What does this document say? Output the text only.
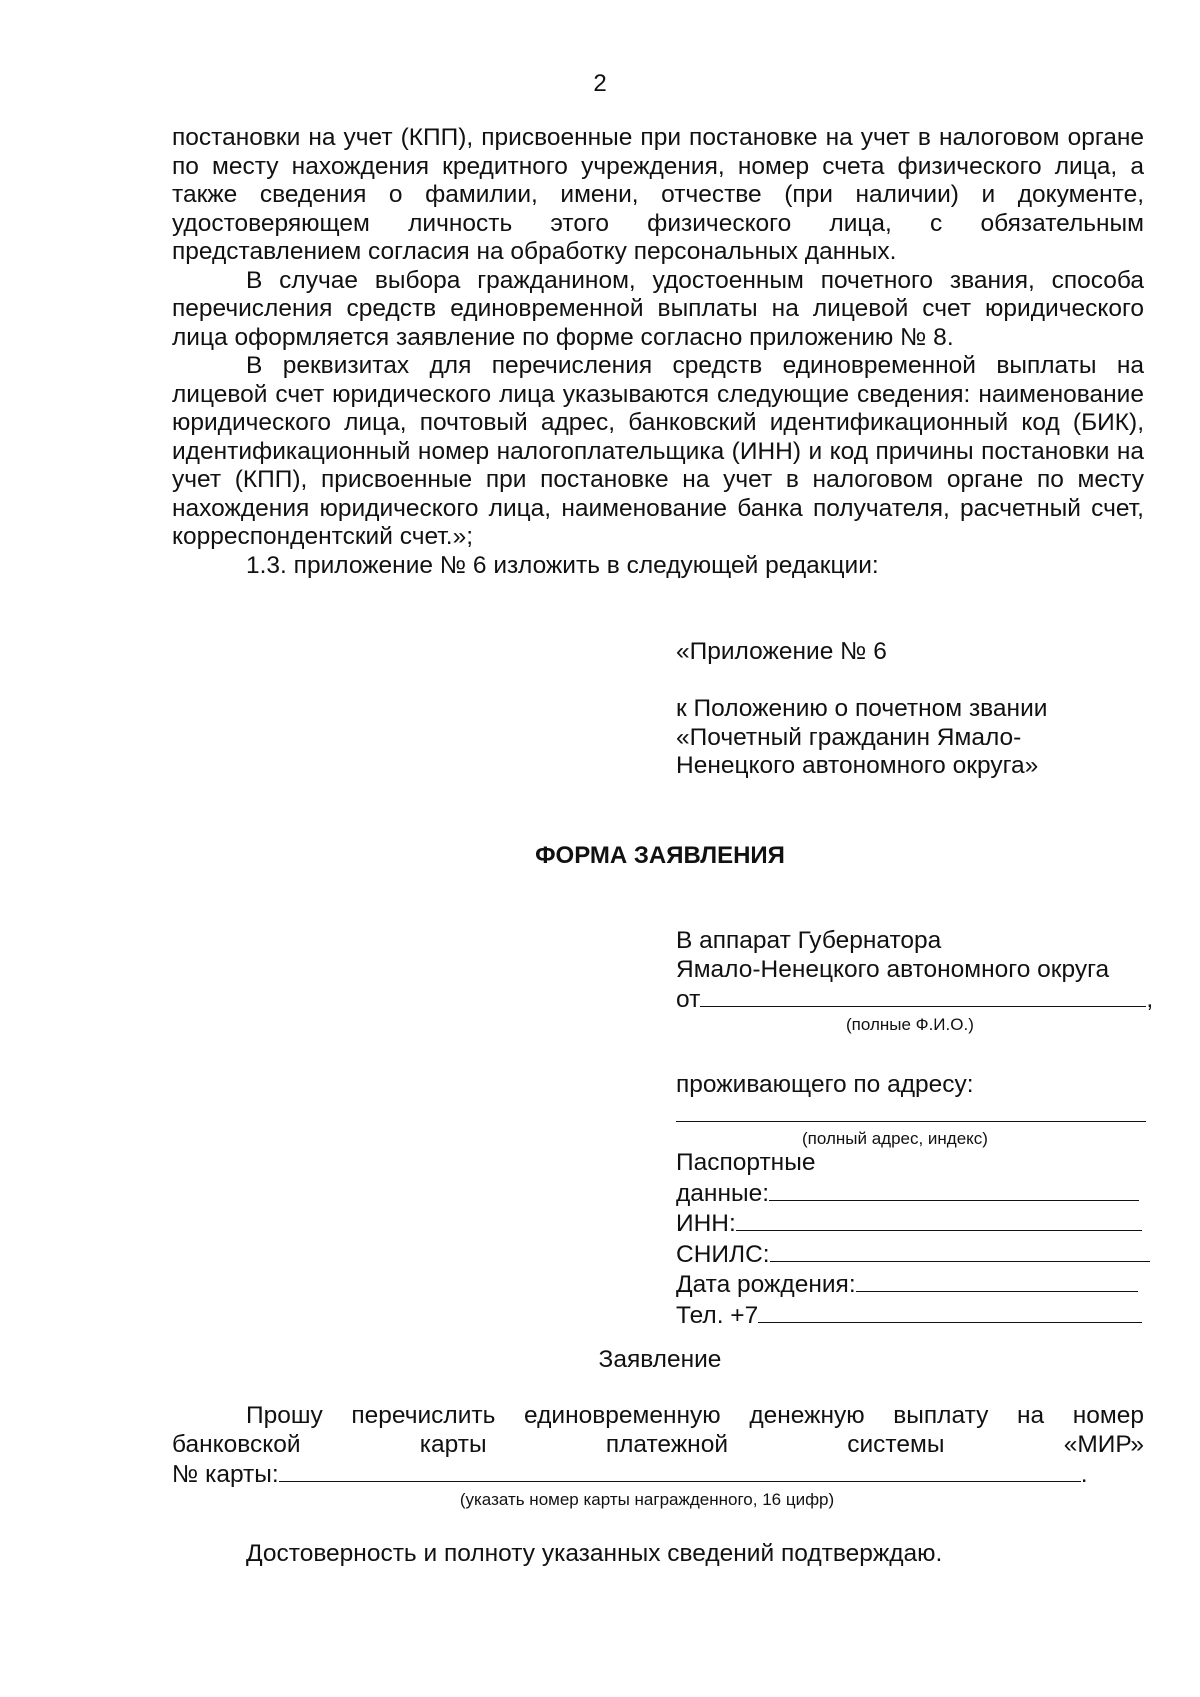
2

постановки на учет (КПП), присвоенные при постановке на учет в налоговом органе по месту нахождения кредитного учреждения, номер счета физического лица, а также сведения о фамилии, имени, отчестве (при наличии) и документе, удостоверяющем личность этого физического лица, с обязательным представлением согласия на обработку персональных данных.

В случае выбора гражданином, удостоенным почетного звания, способа перечисления средств единовременной выплаты на лицевой счет юридического лица оформляется заявление по форме согласно приложению № 8.

В реквизитах для перечисления средств единовременной выплаты на лицевой счет юридического лица указываются следующие сведения: наименование юридического лица, почтовый адрес, банковский идентификационный код (БИК), идентификационный номер налогоплательщика (ИНН) и код причины постановки на учет (КПП), присвоенные при постановке на учет в налоговом органе по месту нахождения юридического лица, наименование банка получателя, расчетный счет, корреспондентский счет.»;

1.3. приложение № 6 изложить в следующей редакции:

«Приложение № 6
к Положению о почетном звании
«Почетный гражданин Ямало-
Ненецкого автономного округа»
ФОРМА ЗАЯВЛЕНИЯ
В аппарат Губернатора
Ямало-Ненецкого автономного округа
от	,
(полные Ф.И.О.)
проживающего по адресу:
(полный адрес, индекс)
Паспортные
данные:
ИНН:
СНИЛС:
Дата рождения:
Тел. +7
Заявление

Прошу перечислить единовременную денежную выплату на номер

банковской	карты	платежной	системы	«МИР»

№ карты:	.

(указать номер карты награжденного, 16 цифр)
Достоверность и полноту указанных сведений подтверждаю.
